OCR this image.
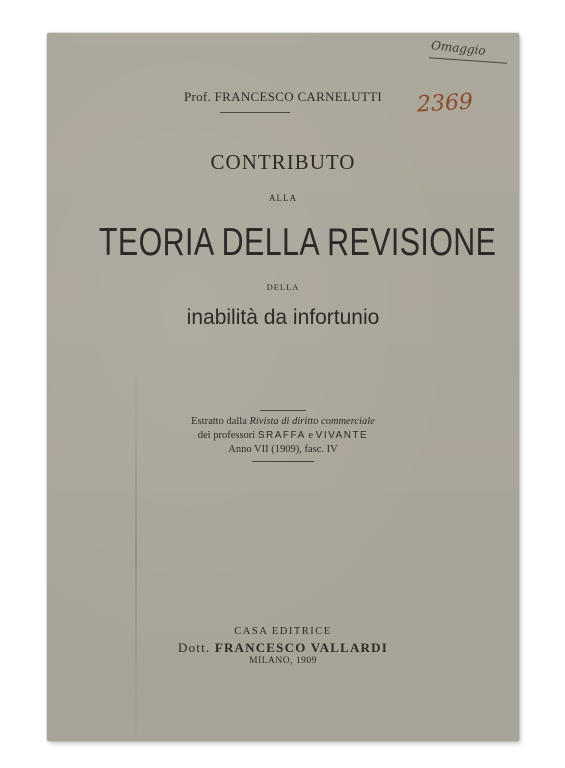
Omaggio
2369
Prof. FRANCESCO CARNELUTTI
CONTRIBUTO
ALLA
TEORIA DELLA REVISIONE
DELLA
inabilità da infortunio
Estratto dalla Rivista di diritto commerciale
dei professori SRAFFA e VIVANTE
Anno VII (1909), fasc. IV
CASA EDITRICE
Dott. FRANCESCO VALLARDI
MILANO, 1909
